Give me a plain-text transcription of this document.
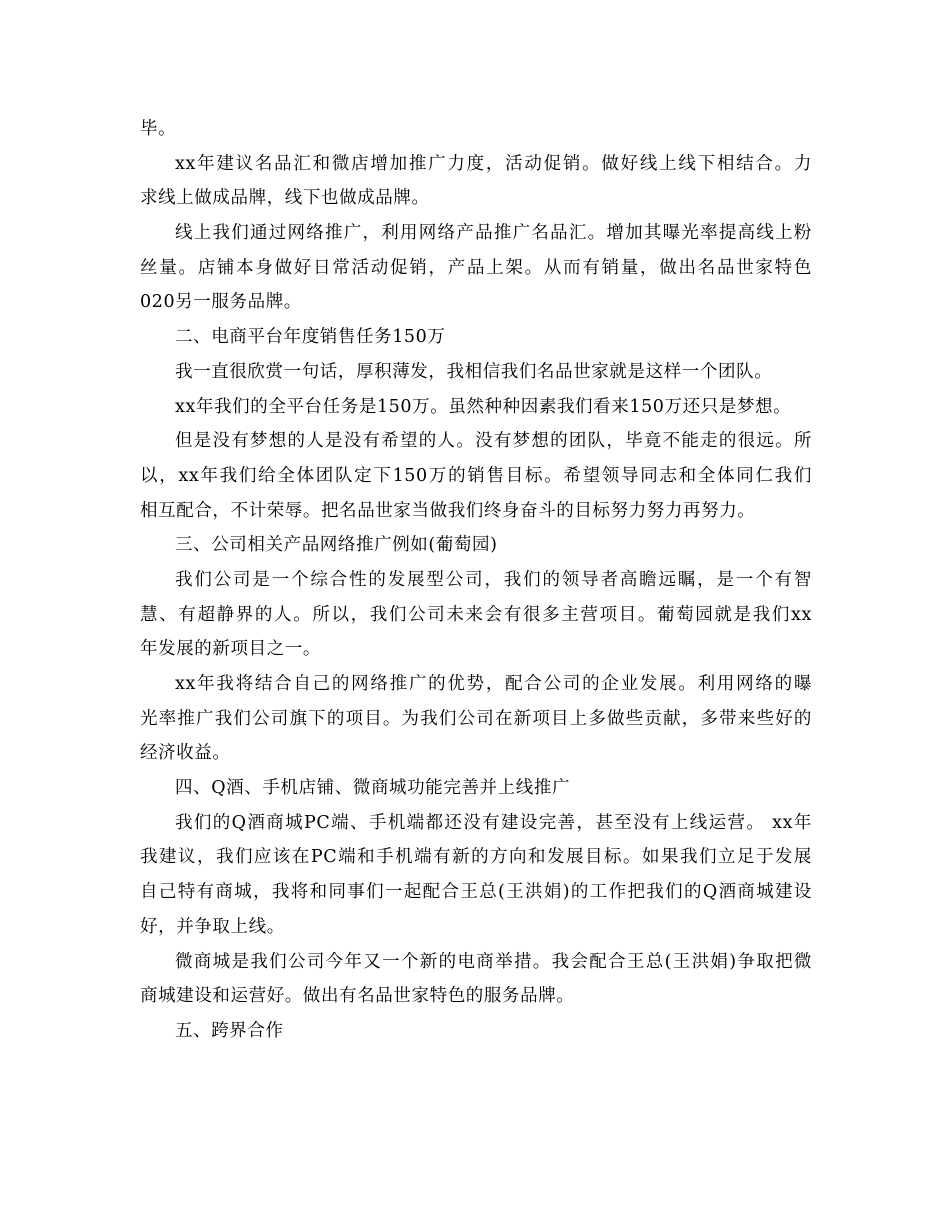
毕。
xx年建议名品汇和微店增加推广力度，活动促销。做好线上线下相结合。力
求线上做成品牌，线下也做成品牌。
线上我们通过网络推广，利用网络产品推广名品汇。增加其曝光率提高线上粉
丝量。店铺本身做好日常活动促销，产品上架。从而有销量，做出名品世家特色
020另一服务品牌。
二、电商平台年度销售任务150万
我一直很欣赏一句话，厚积薄发，我相信我们名品世家就是这样一个团队。
xx年我们的全平台任务是150万。虽然种种因素我们看来150万还只是梦想。
但是没有梦想的人是没有希望的人。没有梦想的团队，毕竟不能走的很远。所
以，xx年我们给全体团队定下150万的销售目标。希望领导同志和全体同仁我们
相互配合，不计荣辱。把名品世家当做我们终身奋斗的目标努力努力再努力。
三、公司相关产品网络推广例如(葡萄园)
我们公司是一个综合性的发展型公司，我们的领导者高瞻远瞩，是一个有智
慧、有超静界的人。所以，我们公司未来会有很多主营项目。葡萄园就是我们xx
年发展的新项目之一。
xx年我将结合自己的网络推广的优势，配合公司的企业发展。利用网络的曝
光率推广我们公司旗下的项目。为我们公司在新项目上多做些贡献，多带来些好的
经济收益。
四、Q酒、手机店铺、微商城功能完善并上线推广
我们的Q酒商城PC端、手机端都还没有建设完善，甚至没有上线运营。 xx年
我建议，我们应该在PC端和手机端有新的方向和发展目标。如果我们立足于发展
自己特有商城，我将和同事们一起配合王总(王洪娟)的工作把我们的Q酒商城建设
好，并争取上线。
微商城是我们公司今年又一个新的电商举措。我会配合王总(王洪娟)争取把微
商城建设和运营好。做出有名品世家特色的服务品牌。
五、跨界合作
